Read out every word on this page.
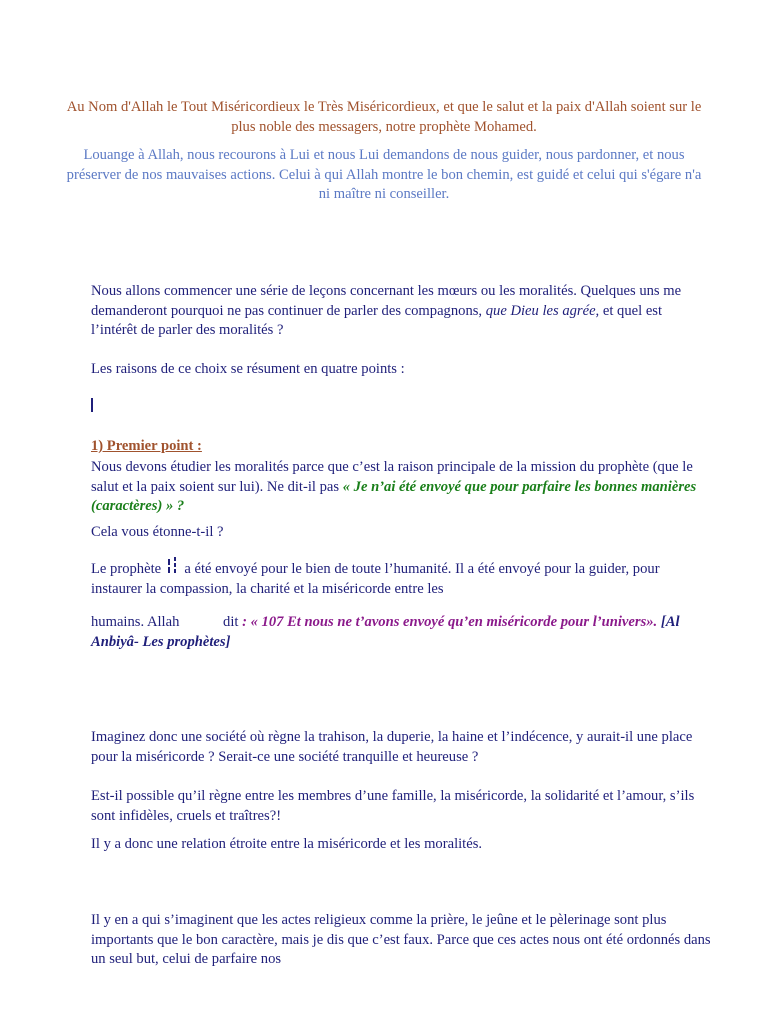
Au Nom d'Allah le Tout Miséricordieux le Très Miséricordieux, et que le salut et la paix d'Allah soient sur le plus noble des messagers, notre prophète Mohamed.

Louange à Allah, nous recourons à Lui et nous Lui demandons de nous guider, nous pardonner, et nous préserver de nos mauvaises actions. Celui à qui Allah montre le bon chemin, est guidé et celui qui s'égare n'a ni maître ni conseiller.

Nous allons commencer une série de leçons concernant les mœurs ou les moralités. Quelques uns me demanderont pourquoi ne pas continuer de parler des compagnons, que Dieu les agrée, et quel est l’intérêt de parler des moralités ?

Les raisons de ce choix se résument en quatre points :

1) Premier point :

Nous devons étudier les moralités parce que c’est la raison principale de la mission du prophète (que le salut et la paix soient sur lui). Ne dit-il pas « Je n’ai été envoyé que pour parfaire les bonnes manières (caractères) » ?

Cela vous étonne-t-il ?

Le prophète
a été envoyé pour le bien de toute l’humanité. Il a été envoyé pour la guider, pour instaurer la compassion, la charité et la miséricorde entre les

humains. Allah	dit : « 107 Et nous ne t’avons envoyé qu’en miséricorde pour l’univers». [Al Anbiyâ- Les prophètes]

Imaginez donc une société où règne la trahison, la duperie, la haine et l’indécence, y aurait-il une place pour la miséricorde ? Serait-ce une société tranquille et heureuse ?

Est-il possible qu’il règne entre les membres d’une famille, la miséricorde, la solidarité et l’amour, s’ils sont infidèles, cruels et traîtres?!

Il y a donc une relation étroite entre la miséricorde et les moralités.

Il y en a qui s’imaginent que les actes religieux comme la prière, le jeûne et le pèlerinage sont plus importants que le bon caractère, mais je dis que c’est faux. Parce que ces actes nous ont été ordonnés dans un seul but, celui de parfaire nos
